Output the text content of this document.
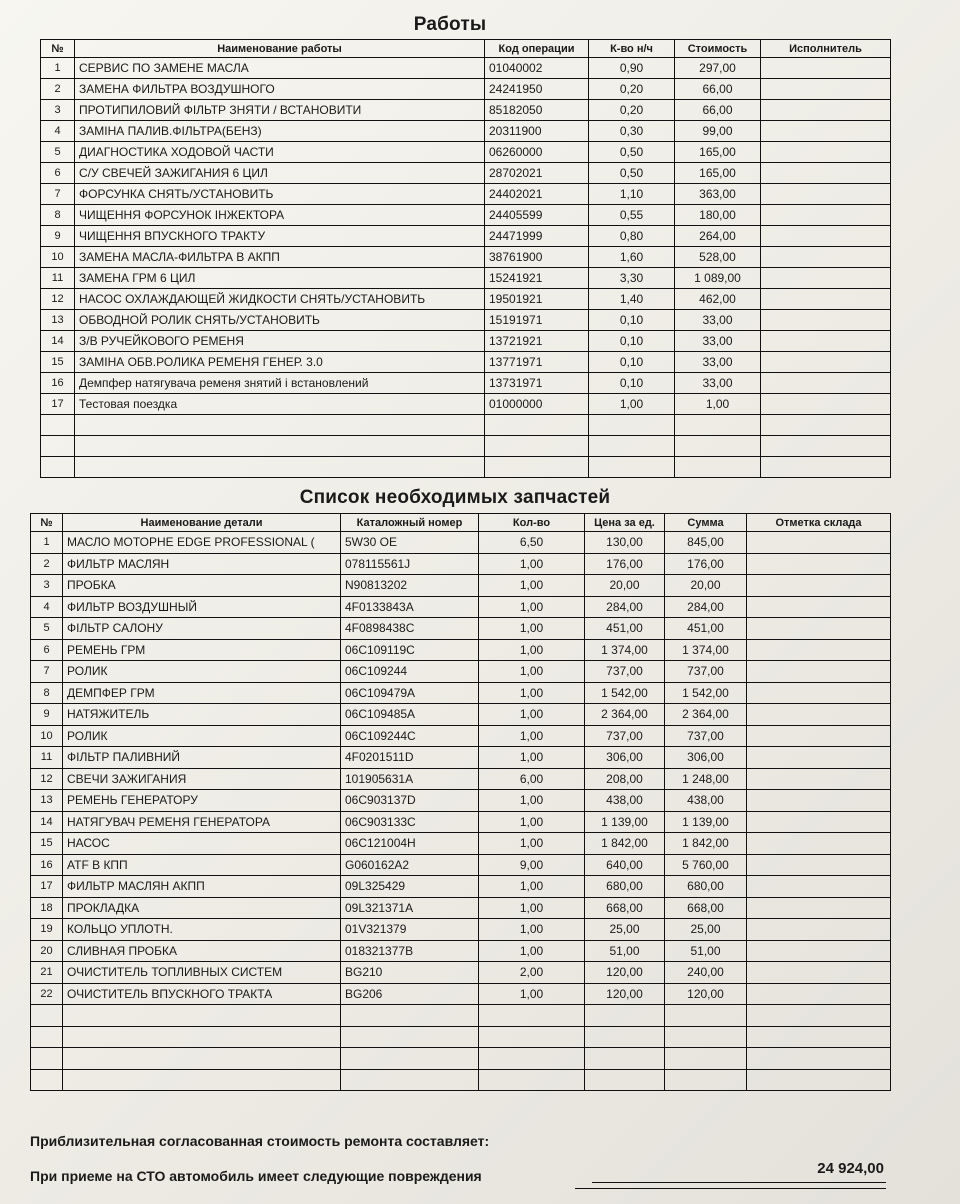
Работы
№	Наименование работы	Код операции	К-во н/ч	Стоимость	Исполнитель
1	СЕРВИС ПО ЗАМЕНЕ МАСЛА	01040002	0,90	297,00	
2	ЗАМЕНА ФИЛЬТРА ВОЗДУШНОГО	24241950	0,20	66,00	
3	ПРОТИПИЛОВИЙ ФІЛЬТР ЗНЯТИ / ВСТАНОВИТИ	85182050	0,20	66,00	
4	ЗАМІНА ПАЛИВ.ФІЛЬТРА(БЕНЗ)	20311900	0,30	99,00	
5	ДИАГНОСТИКА ХОДОВОЙ ЧАСТИ	06260000	0,50	165,00	
6	С/У СВЕЧЕЙ ЗАЖИГАНИЯ 6 ЦИЛ	28702021	0,50	165,00	
7	ФОРСУНКА СНЯТЬ/УСТАНОВИТЬ	24402021	1,10	363,00	
8	ЧИЩЕННЯ ФОРСУНОК ІНЖЕКТОРА	24405599	0,55	180,00	
9	ЧИЩЕННЯ ВПУСКНОГО ТРАКТУ	24471999	0,80	264,00	
10	ЗАМЕНА МАСЛА-ФИЛЬТРА В АКПП	38761900	1,60	528,00	
11	ЗАМЕНА ГРМ 6 ЦИЛ	15241921	3,30	1 089,00	
12	НАСОС ОХЛАЖДАЮЩЕЙ ЖИДКОСТИ СНЯТЬ/УСТАНОВИТЬ	19501921	1,40	462,00	
13	ОБВОДНОЙ РОЛИК СНЯТЬ/УСТАНОВИТЬ	15191971	0,10	33,00	
14	З/В РУЧЕЙКОВОГО РЕМЕНЯ	13721921	0,10	33,00	
15	ЗАМІНА ОБВ.РОЛИКА РЕМЕНЯ ГЕНЕР. 3.0	13771971	0,10	33,00	
16	Демпфер натягувача ременя знятий і встановлений	13731971	0,10	33,00	
17	Тестовая поездка	01000000	1,00	1,00	

Список необходимых запчастей
№	Наименование детали	Каталожный номер	Кол-во	Цена за ед.	Сумма	Отметка склада
1	МАСЛО МОТОРНЕ EDGE PROFESSIONAL (	5W30 OE	6,50	130,00	845,00	
2	ФИЛЬТР МАСЛЯН	078115561J	1,00	176,00	176,00	
3	ПРОБКА	N90813202	1,00	20,00	20,00	
4	ФИЛЬТР ВОЗДУШНЫЙ	4F0133843A	1,00	284,00	284,00	
5	ФІЛЬТР САЛОНУ	4F0898438C	1,00	451,00	451,00	
6	РЕМЕНЬ ГРМ	06C109119C	1,00	1 374,00	1 374,00	
7	РОЛИК	06C109244	1,00	737,00	737,00	
8	ДЕМПФЕР ГРМ	06C109479A	1,00	1 542,00	1 542,00	
9	НАТЯЖИТЕЛЬ	06C109485A	1,00	2 364,00	2 364,00	
10	РОЛИК	06C109244C	1,00	737,00	737,00	
11	ФІЛЬТР ПАЛИВНИЙ	4F0201511D	1,00	306,00	306,00	
12	СВЕЧИ ЗАЖИГАНИЯ	101905631A	6,00	208,00	1 248,00	
13	РЕМЕНЬ ГЕНЕРАТОРУ	06C903137D	1,00	438,00	438,00	
14	НАТЯГУВАЧ РЕМЕНЯ ГЕНЕРАТОРА	06C903133C	1,00	1 139,00	1 139,00	
15	НАСОС	06C121004H	1,00	1 842,00	1 842,00	
16	ATF В КПП	G060162A2	9,00	640,00	5 760,00	
17	ФИЛЬТР МАСЛЯН АКПП	09L325429	1,00	680,00	680,00	
18	ПРОКЛАДКА	09L321371A	1,00	668,00	668,00	
19	КОЛЬЦО УПЛОТН.	01V321379	1,00	25,00	25,00	
20	СЛИВНАЯ ПРОБКА	018321377B	1,00	51,00	51,00	
21	ОЧИСТИТЕЛЬ ТОПЛИВНЫХ СИСТЕМ	BG210	2,00	120,00	240,00	
22	ОЧИСТИТЕЛЬ ВПУСКНОГО ТРАКТА	BG206	1,00	120,00	120,00	

Приблизительная согласованная стоимость ремонта составляет:
24 924,00
При приеме на СТО автомобиль имеет следующие повреждения
